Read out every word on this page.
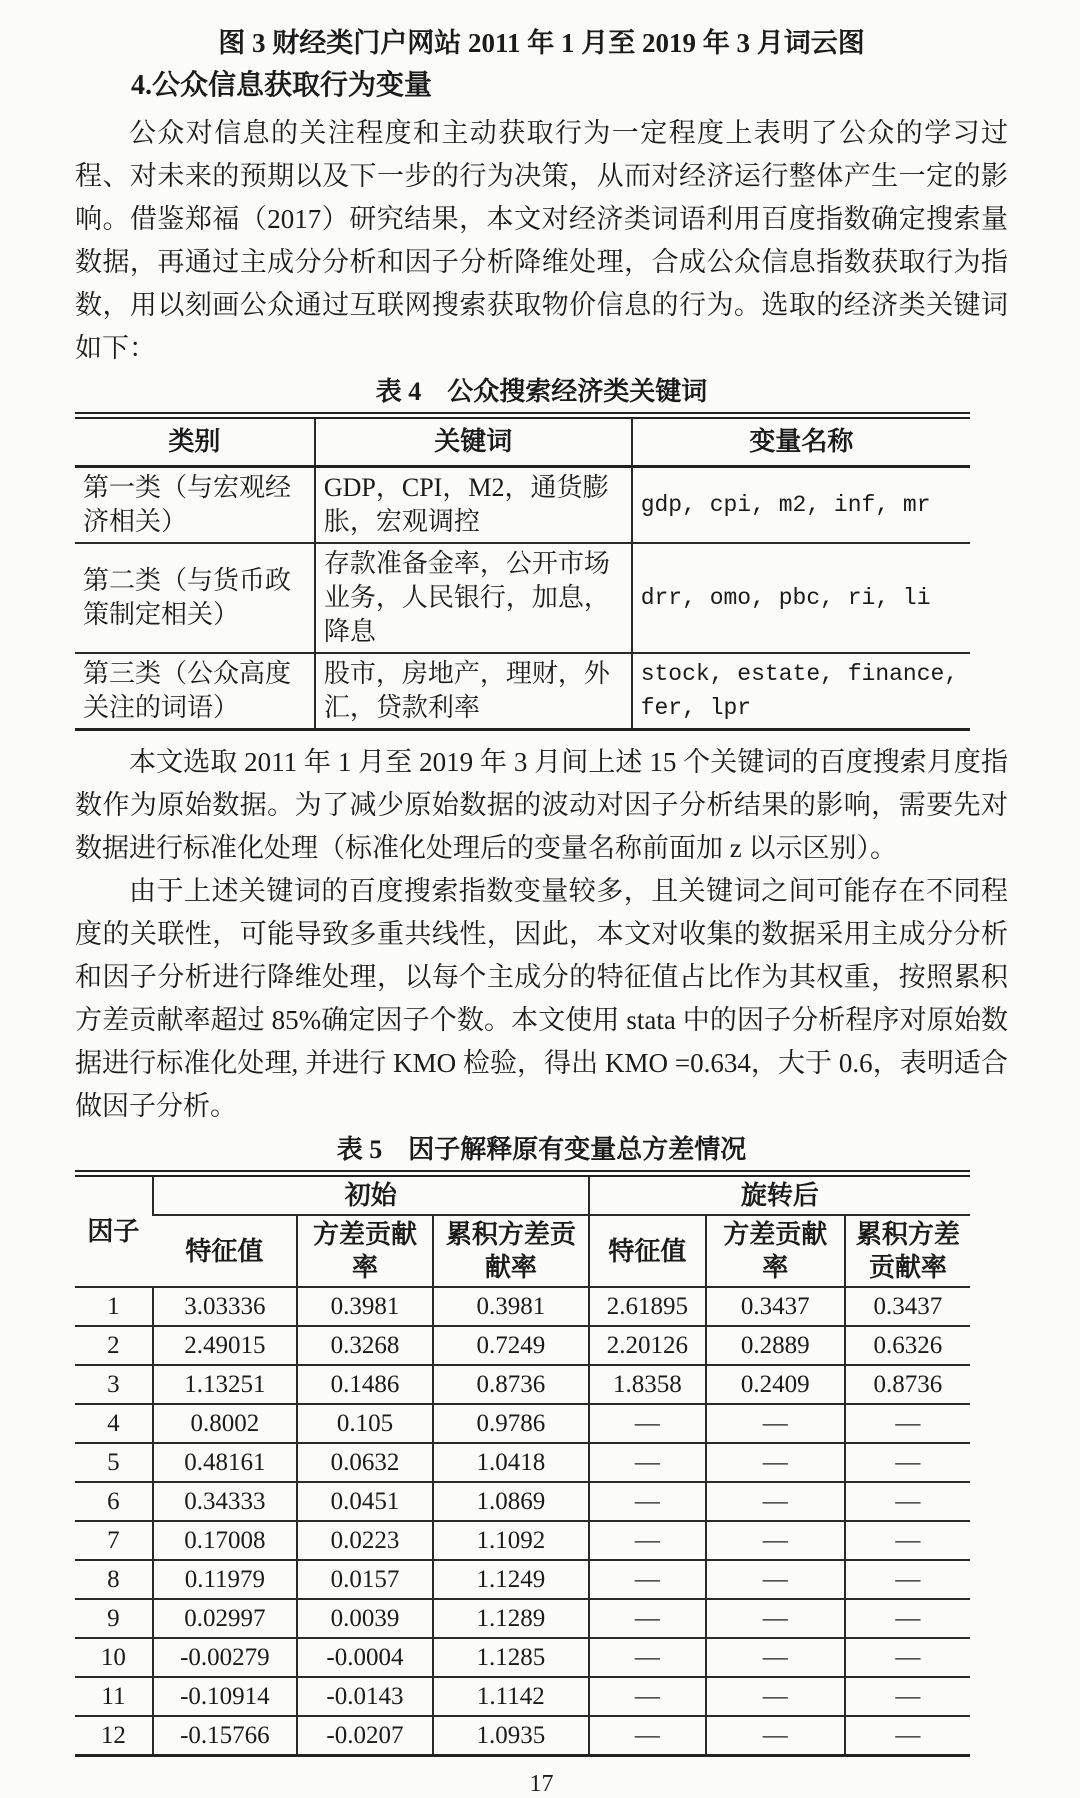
图 3 财经类门户网站 2011 年 1 月至 2019 年 3 月词云图
4.公众信息获取行为变量

公众对信息的关注程度和主动获取行为一定程度上表明了公众的学习过程、对未来的预期以及下一步的行为决策，从而对经济运行整体产生一定的影响。借鉴郑福（2017）研究结果，本文对经济类词语利用百度指数确定搜索量数据，再通过主成分分析和因子分析降维处理，合成公众信息指数获取行为指数，用以刻画公众通过互联网搜索获取物价信息的行为。选取的经济类关键词如下：

表 4　公众搜索经济类关键词
类别	关键词	变量名称
第一类（与宏观经济相关）	GDP，CPI，M2，通货膨胀，宏观调控	gdp, cpi, m2, inf, mr
第二类（与货币政策制定相关）	存款准备金率，公开市场业务，人民银行，加息，降息	drr, omo, pbc, ri, li
第三类（公众高度关注的词语）	股市，房地产，理财，外汇，贷款利率	stock, estate, finance, fer, lpr

本文选取 2011 年 1 月至 2019 年 3 月间上述 15 个关键词的百度搜索月度指数作为原始数据。为了减少原始数据的波动对因子分析结果的影响，需要先对数据进行标准化处理（标准化处理后的变量名称前面加 z 以示区别）。

由于上述关键词的百度搜索指数变量较多，且关键词之间可能存在不同程度的关联性，可能导致多重共线性，因此，本文对收集的数据采用主成分分析和因子分析进行降维处理，以每个主成分的特征值占比作为其权重，按照累积方差贡献率超过 85%确定因子个数。本文使用 stata 中的因子分析程序对原始数据进行标准化处理, 并进行 KMO 检验，得出 KMO =0.634，大于 0.6，表明适合做因子分析。

表 5　因子解释原有变量总方差情况
因子	初始			旋转后		
	特征值	方差贡献率	累积方差贡献率	特征值	方差贡献率	累积方差贡献率
1	3.03336	0.3981	0.3981	2.61895	0.3437	0.3437
2	2.49015	0.3268	0.7249	2.20126	0.2889	0.6326
3	1.13251	0.1486	0.8736	1.8358	0.2409	0.8736
4	0.8002	0.105	0.9786	—	—	—
5	0.48161	0.0632	1.0418	—	—	—
6	0.34333	0.0451	1.0869	—	—	—
7	0.17008	0.0223	1.1092	—	—	—
8	0.11979	0.0157	1.1249	—	—	—
9	0.02997	0.0039	1.1289	—	—	—
10	-0.00279	-0.0004	1.1285	—	—	—
11	-0.10914	-0.0143	1.1142	—	—	—
12	-0.15766	-0.0207	1.0935	—	—	—
17
